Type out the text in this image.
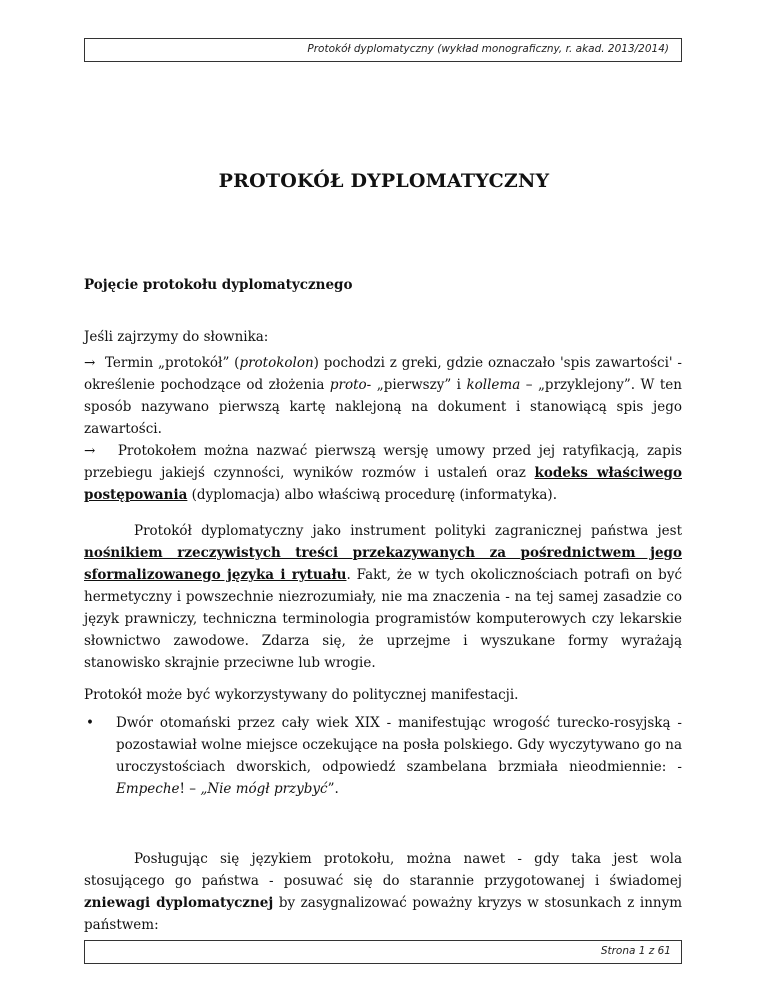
Protokół dyplomatyczny (wykład monograficzny, r. akad. 2013/2014)
PROTOKÓŁ DYPLOMATYCZNY
Pojęcie protokołu dyplomatycznego
Jeśli zajrzymy do słownika:
→ Termin „protokół” (protokolon) pochodzi z greki, gdzie oznaczało 'spis zawartości' - określenie pochodzące od złożenia proto- „pierwszy” i kollema – „przyklejony”. W ten sposób nazywano pierwszą kartę naklejoną na dokument i stanowiącą spis jego zawartości.
→ Protokołem można nazwać pierwszą wersję umowy przed jej ratyfikacją, zapis przebiegu jakiejś czynności, wyników rozmów i ustaleń oraz kodeks właściwego postępowania (dyplomacja) albo właściwą procedurę (informatyka).
Protokół dyplomatyczny jako instrument polityki zagranicznej państwa jest nośnikiem rzeczywistych treści przekazywanych za pośrednictwem jego sformalizowanego języka i rytuału. Fakt, że w tych okolicznościach potrafi on być hermetyczny i powszechnie niezrozumiały, nie ma znaczenia - na tej samej zasadzie co język prawniczy, techniczna terminologia programistów komputerowych czy lekarskie słownictwo zawodowe. Zdarza się, że uprzejme i wyszukane formy wyrażają stanowisko skrajnie przeciwne lub wrogie.
Protokół może być wykorzystywany do politycznej manifestacji.
•	Dwór otomański przez cały wiek XIX - manifestując wrogość turecko-rosyjską - pozostawiał wolne miejsce oczekujące na posła polskiego. Gdy wyczytywano go na uroczystościach dworskich, odpowiedź szambelana brzmiała nieodmiennie: - Empeche! – „Nie mógł przybyć”.
Posługując się językiem protokołu, można nawet - gdy taka jest wola stosującego go państwa - posuwać się do starannie przygotowanej i świadomej zniewagi dyplomatycznej by zasygnalizować poważny kryzys w stosunkach z innym państwem:
Strona 1 z 61
